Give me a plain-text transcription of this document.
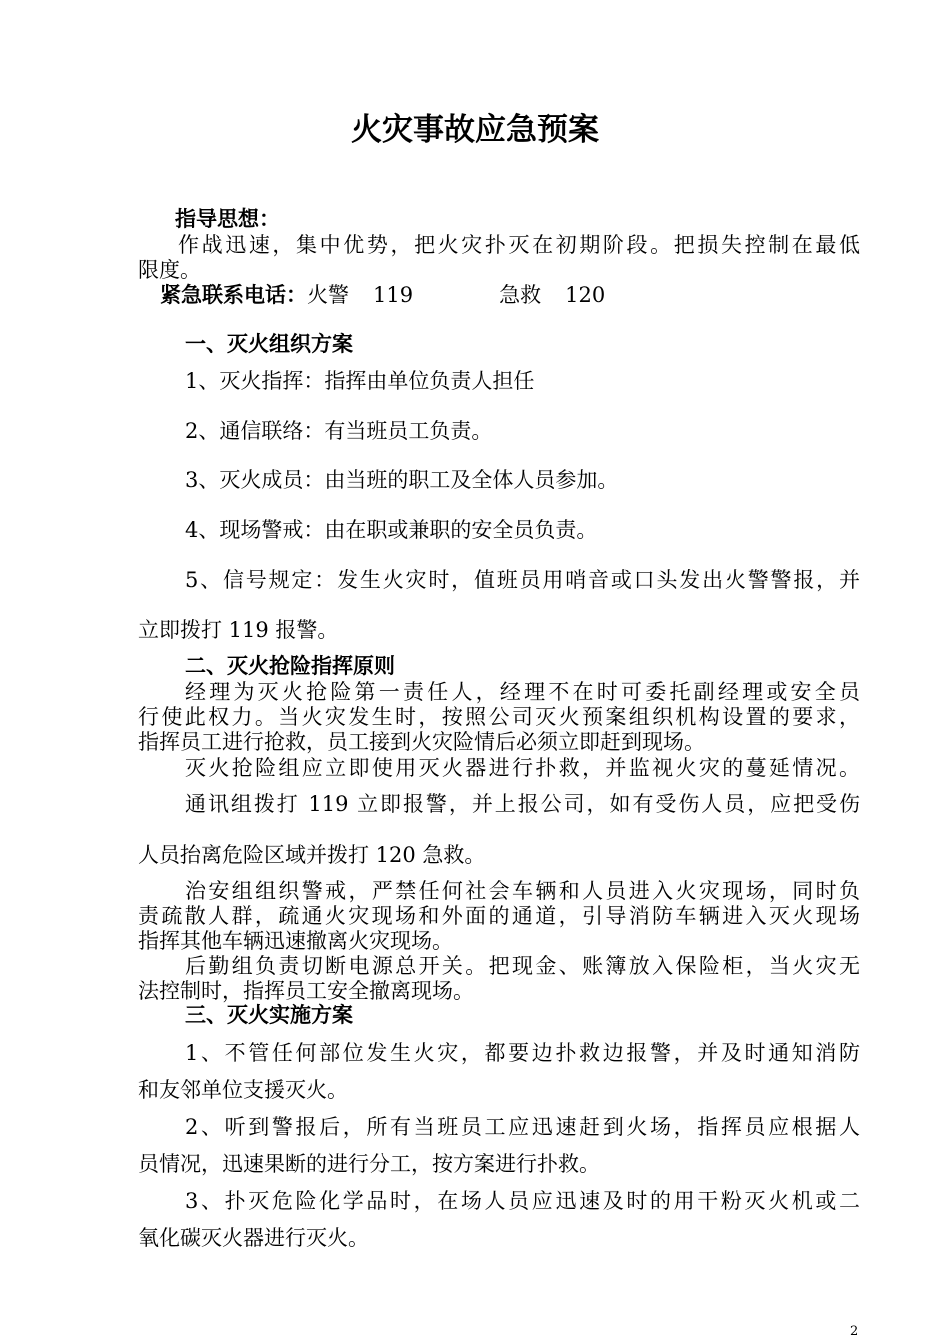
火灾事故应急预案
指导思想：
作战迅速，集中优势，把火灾扑灭在初期阶段。把损失控制在最低
限度。
紧急联系电话：火警 119	急救 120
一、灭火组织方案
1、灭火指挥：指挥由单位负责人担任
2、通信联络：有当班员工负责。
3、灭火成员：由当班的职工及全体人员参加。
4、现场警戒：由在职或兼职的安全员负责。
5、信号规定：发生火灾时，值班员用哨音或口头发出火警警报，并
立即拨打 119 报警。
二、灭火抢险指挥原则
经理为灭火抢险第一责任人，经理不在时可委托副经理或安全员
行使此权力。当火灾发生时，按照公司灭火预案组织机构设置的要求，
指挥员工进行抢救，员工接到火灾险情后必须立即赶到现场。
灭火抢险组应立即使用灭火器进行扑救，并监视火灾的蔓延情况。
通讯组拨打 119 立即报警，并上报公司，如有受伤人员，应把受伤
人员抬离危险区域并拨打 120 急救。
治安组组织警戒，严禁任何社会车辆和人员进入火灾现场，同时负
责疏散人群，疏通火灾现场和外面的通道，引导消防车辆进入灭火现场
指挥其他车辆迅速撤离火灾现场。
后勤组负责切断电源总开关。把现金、账簿放入保险柜，当火灾无
法控制时，指挥员工安全撤离现场。
三、灭火实施方案
1、不管任何部位发生火灾，都要边扑救边报警，并及时通知消防
和友邻单位支援灭火。
2、听到警报后，所有当班员工应迅速赶到火场，指挥员应根据人
员情况，迅速果断的进行分工，按方案进行扑救。
3、扑灭危险化学品时，在场人员应迅速及时的用干粉灭火机或二
氧化碳灭火器进行灭火。
2
